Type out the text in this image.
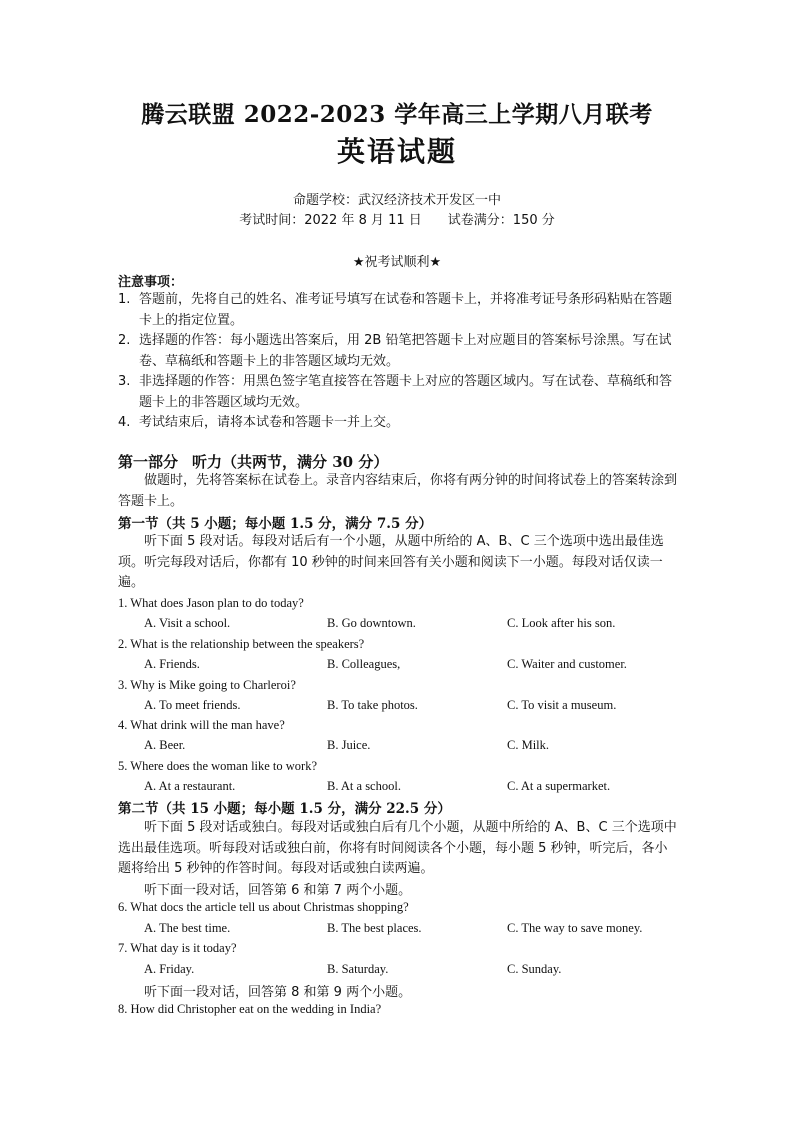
腾云联盟 2022-2023 学年高三上学期八月联考
英语试题
命题学校：武汉经济技术开发区一中
考试时间：2022 年 8 月 11 日 试卷满分：150 分
★祝考试顺利★
注意事项：
1. 答题前，先将自己的姓名、准考证号填写在试卷和答题卡上，并将准考证号条形码粘贴在答题卡上的指定位置。
2. 选择题的作答：每小题选出答案后，用 2B 铅笔把答题卡上对应题目的答案标号涂黑。写在试卷、草稿纸和答题卡上的非答题区域均无效。
3. 非选择题的作答：用黑色签字笔直接答在答题卡上对应的答题区域内。写在试卷、草稿纸和答题卡上的非答题区域均无效。
4. 考试结束后，请将本试卷和答题卡一并上交。
第一部分 听力（共两节，满分 30 分）
做题时，先将答案标在试卷上。录音内容结束后，你将有两分钟的时间将试卷上的答案转涂到答题卡上。
第一节（共 5 小题；每小题 1.5 分，满分 7.5 分）
听下面 5 段对话。每段对话后有一个小题，从题中所给的 A、B、C 三个选项中选出最佳选项。听完每段对话后，你都有 10 秒钟的时间来回答有关小题和阅读下一小题。每段对话仅读一遍。
1. What does Jason plan to do today?
A. Visit a school.	B. Go downtown.	C. Look after his son.
2. What is the relationship between the speakers?
A. Friends.	B. Colleagues,	C. Waiter and customer.
3. Why is Mike going to Charleroi?
A. To meet friends.	B. To take photos.	C. To visit a museum.
4. What drink will the man have?
A. Beer.	B. Juice.	C. Milk.
5. Where does the woman like to work?
A. At a restaurant.	B. At a school.	C. At a supermarket.
第二节（共 15 小题；每小题 1.5 分，满分 22.5 分）
听下面 5 段对话或独白。每段对话或独白后有几个小题，从题中所给的 A、B、C 三个选项中选出最佳选项。听每段对话或独白前，你将有时间阅读各个小题，每小题 5 秒钟，听完后，各小题将给出 5 秒钟的作答时间。每段对话或独白读两遍。
听下面一段对话，回答第 6 和第 7 两个小题。
6. What docs the article tell us about Christmas shopping?
A. The best time.	B. The best places.	C. The way to save money.
7. What day is it today?
A. Friday.	B. Saturday.	C. Sunday.
听下面一段对话，回答第 8 和第 9 两个小题。
8. How did Christopher eat on the wedding in India?
